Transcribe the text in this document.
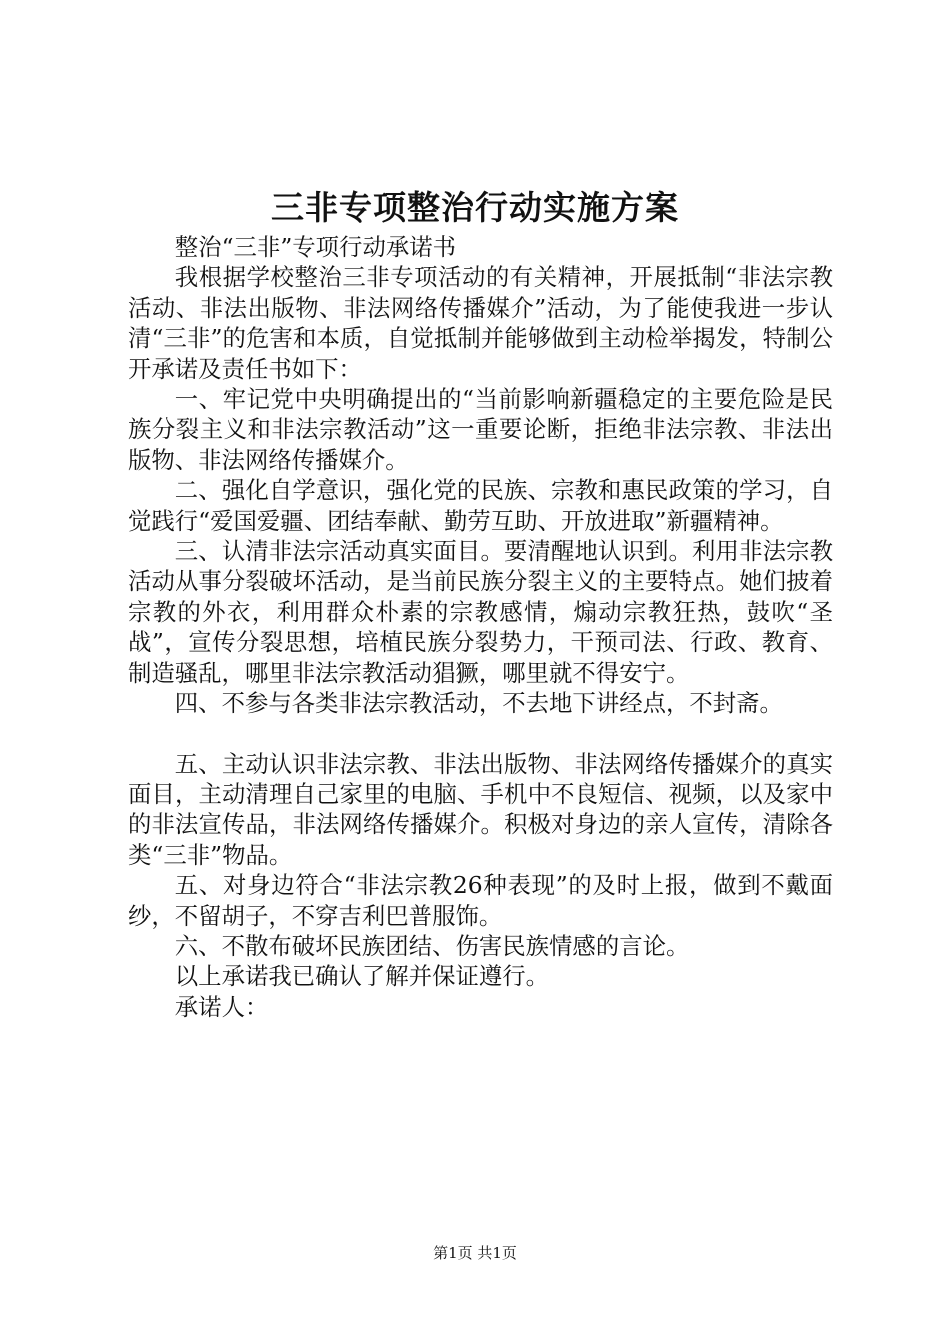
三非专项整治行动实施方案

整治“三非”专项行动承诺书

我根据学校整治三非专项活动的有关精神，开展抵制“非法宗教活动、非法出版物、非法网络传播媒介”活动，为了能使我进一步认清“三非”的危害和本质，自觉抵制并能够做到主动检举揭发，特制公开承诺及责任书如下：

一、牢记党中央明确提出的“当前影响新疆稳定的主要危险是民族分裂主义和非法宗教活动”这一重要论断，拒绝非法宗教、非法出版物、非法网络传播媒介。

二、强化自学意识，强化党的民族、宗教和惠民政策的学习，自觉践行“爱国爱疆、团结奉献、勤劳互助、开放进取”新疆精神。

三、认清非法宗活动真实面目。要清醒地认识到。利用非法宗教活动从事分裂破坏活动，是当前民族分裂主义的主要特点。她们披着宗教的外衣，利用群众朴素的宗教感情，煽动宗教狂热，鼓吹“圣战”，宣传分裂思想，培植民族分裂势力，干预司法、行政、教育、制造骚乱，哪里非法宗教活动猖獗，哪里就不得安宁。

四、不参与各类非法宗教活动，不去地下讲经点，不封斋。

五、主动认识非法宗教、非法出版物、非法网络传播媒介的真实面目，主动清理自己家里的电脑、手机中不良短信、视频，以及家中的非法宣传品，非法网络传播媒介。积极对身边的亲人宣传，清除各类“三非”物品。

五、对身边符合“非法宗教26种表现”的及时上报，做到不戴面纱，不留胡子，不穿吉利巴普服饰。

六、不散布破坏民族团结、伤害民族情感的言论。

以上承诺我已确认了解并保证遵行。

承诺人：

第1页 共1页
